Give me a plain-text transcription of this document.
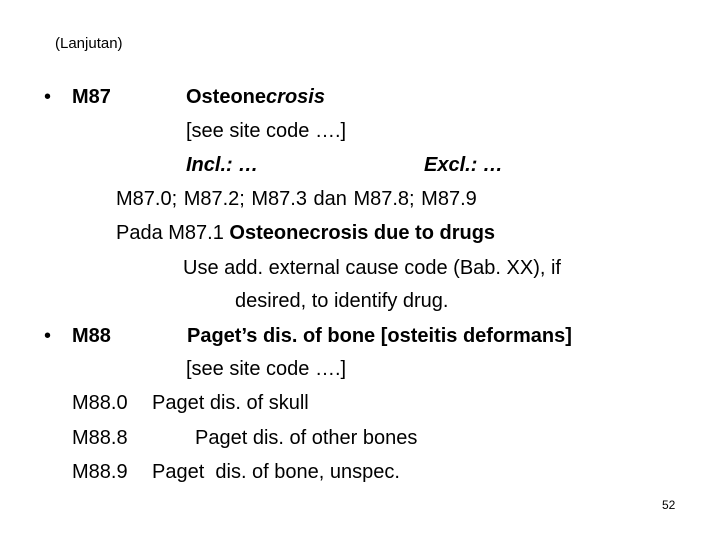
(Lanjutan)
• M87	Osteonecrosis
[see site code ….]
Incl.: …	Excl.: …
M87.0; M87.2; M87.3 dan M87.8; M87.9
Pada M87.1 Osteonecrosis due to drugs
Use add. external cause code (Bab. XX), if
desired, to identify drug.
• M88	Paget’s dis. of bone [osteitis deformans]
[see site code ….]
M88.0 Paget dis. of skull
M88.8	Paget dis. of other bones
M88.9 Paget  dis. of bone, unspec.
52
